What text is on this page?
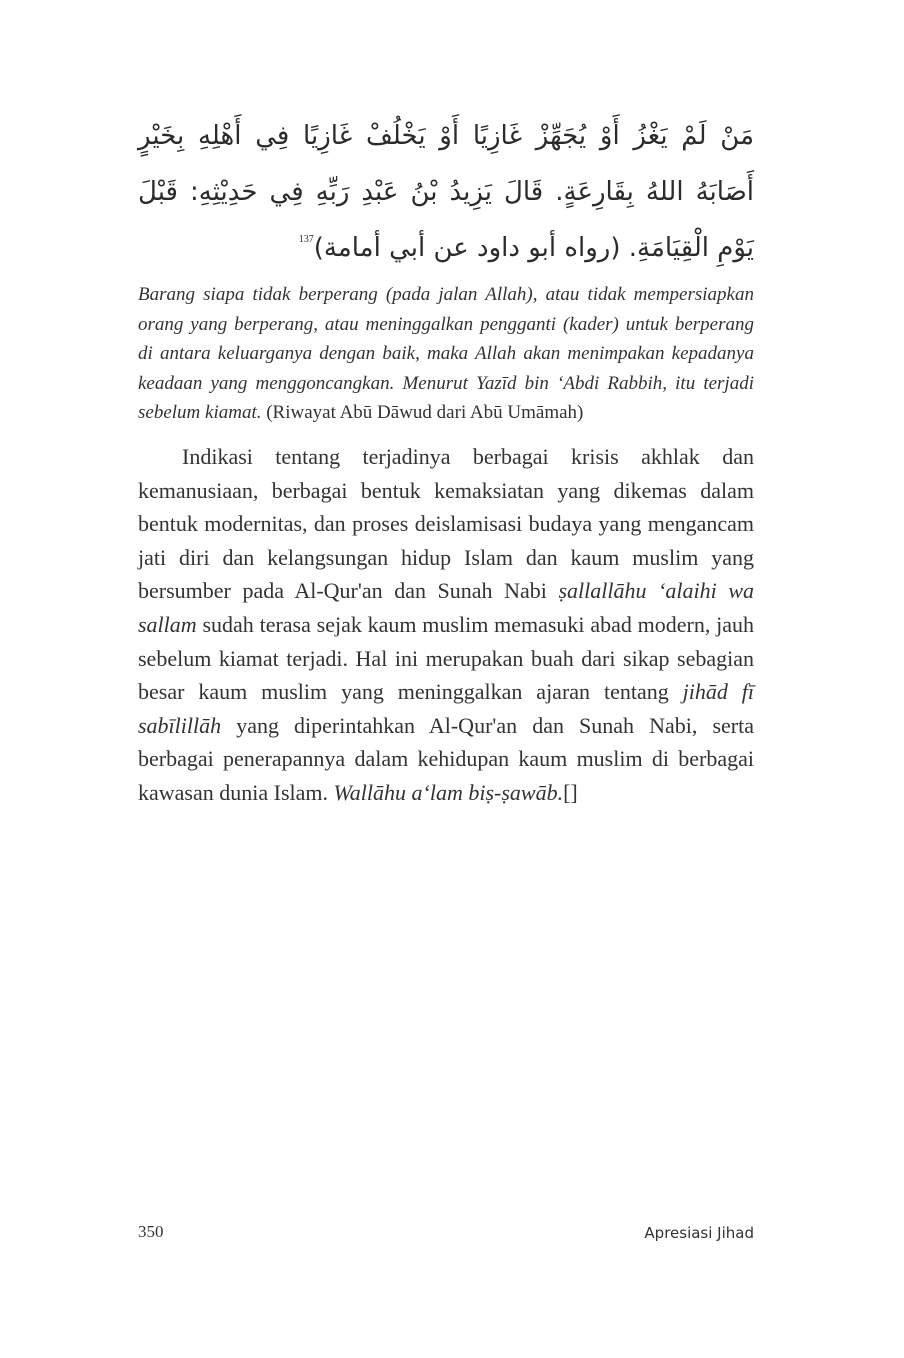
مَنْ لَمْ يَغْزُ أَوْ يُجَهِّزْ غَازِيًا أَوْ يَخْلُفْ غَازِيًا فِي أَهْلِهِ بِخَيْرٍ أَصَابَهُ اللهُ بِقَارِعَةٍ. قَالَ يَزِيدُ بْنُ عَبْدِ رَبِّهِ فِي حَدِيْثِهِ: قَبْلَ يَوْمِ الْقِيَامَةِ. (رواه أبو داود عن أبي أمامة)$^{137}$
Barang siapa tidak berperang (pada jalan Allah), atau tidak mempersiapkan orang yang berperang, atau meninggalkan pengganti (kader) untuk berperang di antara keluarganya dengan baik, maka Allah akan menimpakan kepadanya keadaan yang menggoncangkan. Menurut Yazīd bin ‘Abdi Rabbih, itu terjadi sebelum kiamat. (Riwayat Abū Dāwud dari Abū Umāmah)

Indikasi tentang terjadinya berbagai krisis akhlak dan kemanusiaan, berbagai bentuk kemaksiatan yang dikemas dalam bentuk modernitas, dan proses deislamisasi budaya yang mengancam jati diri dan kelangsungan hidup Islam dan kaum muslim yang bersumber pada Al-Qur'an dan Sunah Nabi ṣallallāhu ‘alaihi wa sallam sudah terasa sejak kaum muslim memasuki abad modern, jauh sebelum kiamat terjadi. Hal ini merupakan buah dari sikap sebagian besar kaum muslim yang meninggalkan ajaran tentang jihād fī sabīlillāh yang diperintahkan Al-Qur'an dan Sunah Nabi, serta berbagai penerapannya dalam kehidupan kaum muslim di berbagai kawasan dunia Islam. Wallāhu a‘lam biṣ-ṣawāb.[]

350	Apresiasi Jihad
